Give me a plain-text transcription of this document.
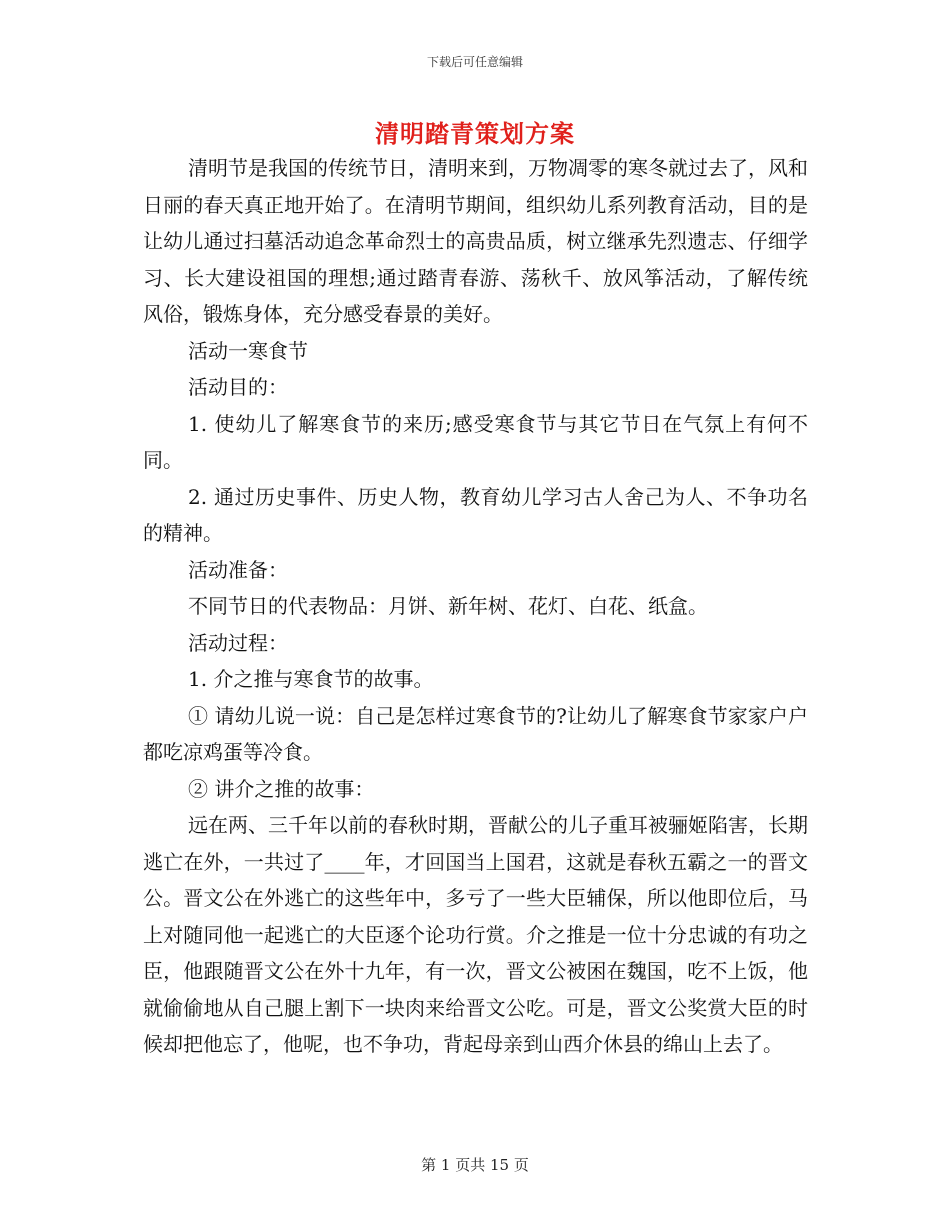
下载后可任意编辑
清明踏青策划方案

清明节是我国的传统节日，清明来到，万物凋零的寒冬就过去了，风和日丽的春天真正地开始了。在清明节期间，组织幼儿系列教育活动，目的是让幼儿通过扫墓活动追念革命烈士的高贵品质，树立继承先烈遗志、仔细学习、长大建设祖国的理想;通过踏青春游、荡秋千、放风筝活动，了解传统风俗，锻炼身体，充分感受春景的美好。

活动一寒食节

活动目的：

1. 使幼儿了解寒食节的来历;感受寒食节与其它节日在气氛上有何不同。

2. 通过历史事件、历史人物，教育幼儿学习古人舍己为人、不争功名的精神。

活动准备：

不同节日的代表物品：月饼、新年树、花灯、白花、纸盒。

活动过程：

1. 介之推与寒食节的故事。

① 请幼儿说一说：自己是怎样过寒食节的?让幼儿了解寒食节家家户户都吃凉鸡蛋等冷食。

② 讲介之推的故事：

远在两、三千年以前的春秋时期，晋献公的儿子重耳被骊姬陷害，长期逃亡在外，一共过了____年，才回国当上国君，这就是春秋五霸之一的晋文公。晋文公在外逃亡的这些年中，多亏了一些大臣辅保，所以他即位后，马上对随同他一起逃亡的大臣逐个论功行赏。介之推是一位十分忠诚的有功之臣，他跟随晋文公在外十九年，有一次，晋文公被困在魏国，吃不上饭，他就偷偷地从自己腿上割下一块肉来给晋文公吃。可是，晋文公奖赏大臣的时候却把他忘了，他呢，也不争功，背起母亲到山西介休县的绵山上去了。

第 1 页共 15 页
